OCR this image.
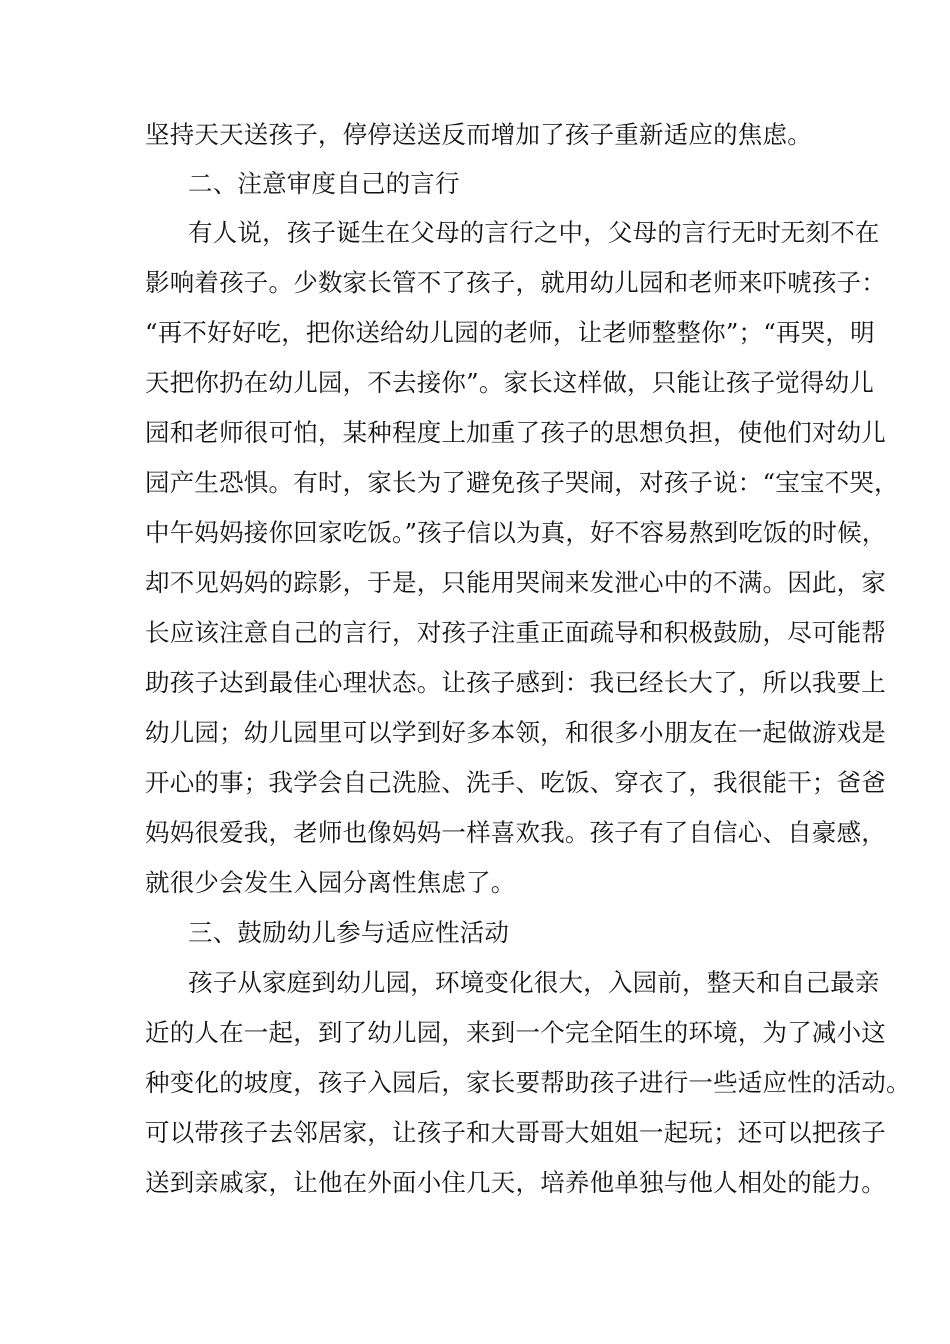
坚持天天送孩子，停停送送反而增加了孩子重新适应的焦虑。
二、注意审度自己的言行
有人说，孩子诞生在父母的言行之中，父母的言行无时无刻不在
影响着孩子。少数家长管不了孩子，就用幼儿园和老师来吓唬孩子：
“再不好好吃，把你送给幼儿园的老师，让老师整整你”；“再哭，明
天把你扔在幼儿园，不去接你”。家长这样做，只能让孩子觉得幼儿
园和老师很可怕，某种程度上加重了孩子的思想负担，使他们对幼儿
园产生恐惧。有时，家长为了避免孩子哭闹，对孩子说：“宝宝不哭，
中午妈妈接你回家吃饭。”孩子信以为真，好不容易熬到吃饭的时候，
却不见妈妈的踪影，于是，只能用哭闹来发泄心中的不满。因此，家
长应该注意自己的言行，对孩子注重正面疏导和积极鼓励，尽可能帮
助孩子达到最佳心理状态。让孩子感到：我已经长大了，所以我要上
幼儿园；幼儿园里可以学到好多本领，和很多小朋友在一起做游戏是
开心的事；我学会自己洗脸、洗手、吃饭、穿衣了，我很能干；爸爸
妈妈很爱我，老师也像妈妈一样喜欢我。孩子有了自信心、自豪感，
就很少会发生入园分离性焦虑了。
三、鼓励幼儿参与适应性活动
孩子从家庭到幼儿园，环境变化很大，入园前，整天和自己最亲
近的人在一起，到了幼儿园，来到一个完全陌生的环境，为了减小这
种变化的坡度，孩子入园后，家长要帮助孩子进行一些适应性的活动。
可以带孩子去邻居家，让孩子和大哥哥大姐姐一起玩；还可以把孩子
送到亲戚家，让他在外面小住几天，培养他单独与他人相处的能力。
